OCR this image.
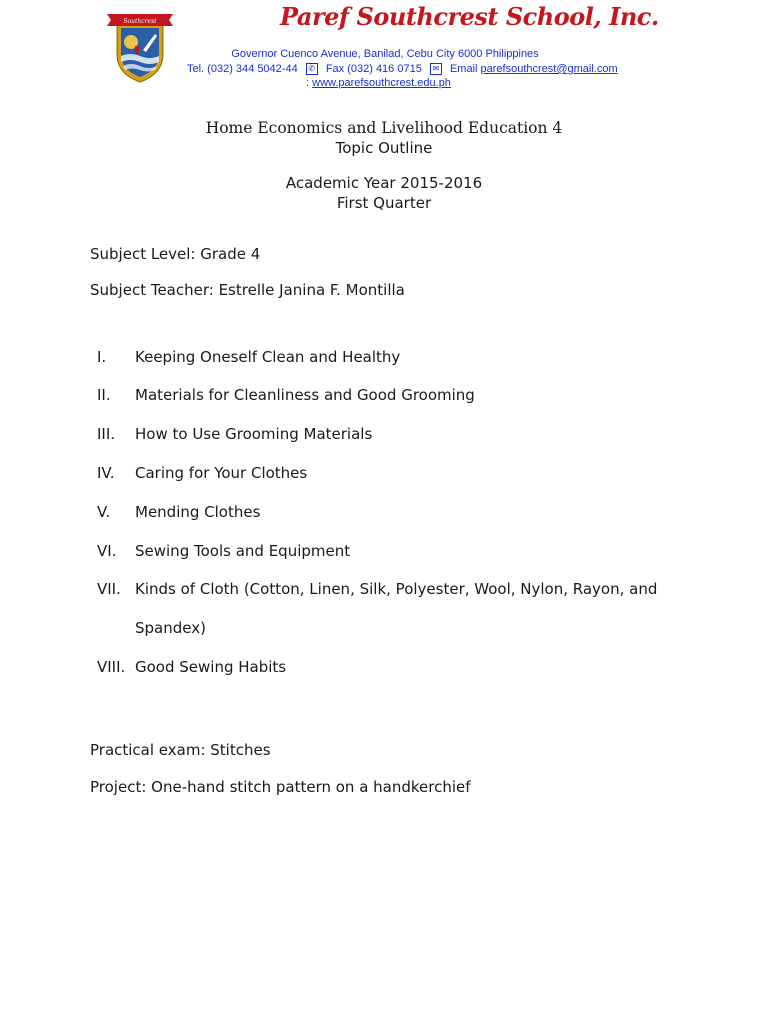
Southcrest	Paref Southcrest School, Inc.
Governor Cuenco Avenue, Banilad, Cebu City 6000 Philippines
Tel. (032) 344 5042-44 ✆ Fax (032) 416 0715 ✉ Email parefsouthcrest@gmail.com
: www.parefsouthcrest.edu.ph
Home Economics and Livelihood Education 4
Topic Outline
Academic Year 2015-2016
First Quarter
Subject Level: Grade 4
Subject Teacher: Estrelle Janina F. Montilla
I. Keeping Oneself Clean and Healthy
II. Materials for Cleanliness and Good Grooming
III. How to Use Grooming Materials
IV. Caring for Your Clothes
V. Mending Clothes
VI. Sewing Tools and Equipment
VII. Kinds of Cloth (Cotton, Linen, Silk, Polyester, Wool, Nylon, Rayon, and
Spandex)
VIII. Good Sewing Habits
Practical exam: Stitches
Project: One-hand stitch pattern on a handkerchief
